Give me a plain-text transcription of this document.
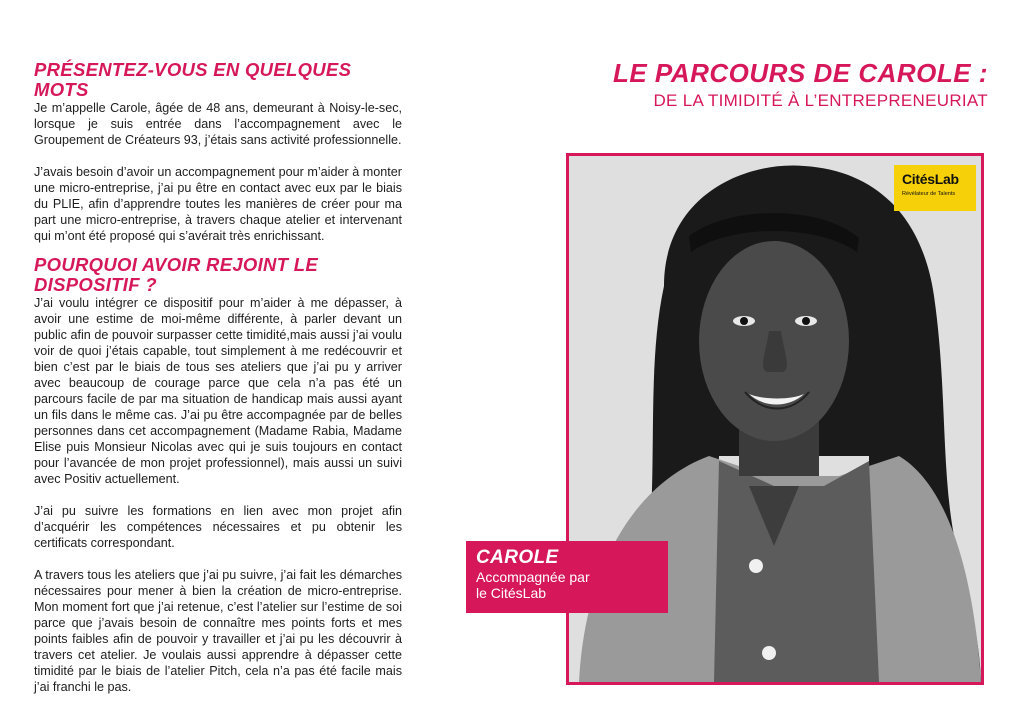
PRÉSENTEZ-VOUS EN QUELQUES MOTS

Je m’appelle Carole, âgée de 48 ans, demeurant à Noisy-le-sec, lorsque je suis entrée dans l’accompagnement avec le Groupement de Créateurs 93, j’étais sans activité professionnelle.

J’avais besoin d’avoir un accompagnement pour m’aider à monter une micro-entreprise, j’ai pu être en contact avec eux par le biais du PLIE, afin d’apprendre toutes les manières de créer pour ma part une micro-entreprise, à travers chaque atelier et intervenant qui m’ont été proposé qui s’avérait très enrichissant.

POURQUOI AVOIR REJOINT LE DISPOSITIF ?

J’ai voulu intégrer ce dispositif pour m’aider à me dépasser, à avoir une estime de moi-même différente, à parler devant un public afin de pouvoir surpasser cette timidité,mais aussi j’ai voulu voir de quoi j’étais capable, tout simplement à me redécouvrir et bien c’est par le biais de tous ses ateliers que j’ai pu y arriver avec beaucoup de courage parce que cela n’a pas été un parcours facile de par ma situation de handicap mais aussi ayant un fils dans le même cas. J’ai pu être accompagnée par de belles personnes dans cet accompagnement (Madame Rabia, Madame Elise puis Monsieur Nicolas avec qui je suis toujours en contact pour l’avancée de mon projet professionnel), mais aussi un suivi avec Positiv actuellement.

J’ai pu suivre les formations en lien avec mon projet afin d’acquérir les compétences nécessaires et pu obtenir les certificats correspondant.

A travers tous les ateliers que j’ai pu suivre, j’ai fait les démarches nécessaires pour mener à bien la création de micro-entreprise. Mon moment fort que j’ai retenue, c’est l’atelier sur l’estime de soi parce que j’avais besoin de connaître mes points forts et mes points faibles afin de pouvoir y travailler et j’ai pu les découvrir à travers cet atelier. Je voulais aussi apprendre à dépasser cette timidité par le biais de l’atelier Pitch, cela n’a pas été facile mais j’ai franchi le pas.

LE PARCOURS DE CAROLE :

DE LA TIMIDITÉ À L’ENTREPRENEURIAT

CitésLab
Révélateur de Talents
CAROLE
Accompagnée par
le CitésLab
